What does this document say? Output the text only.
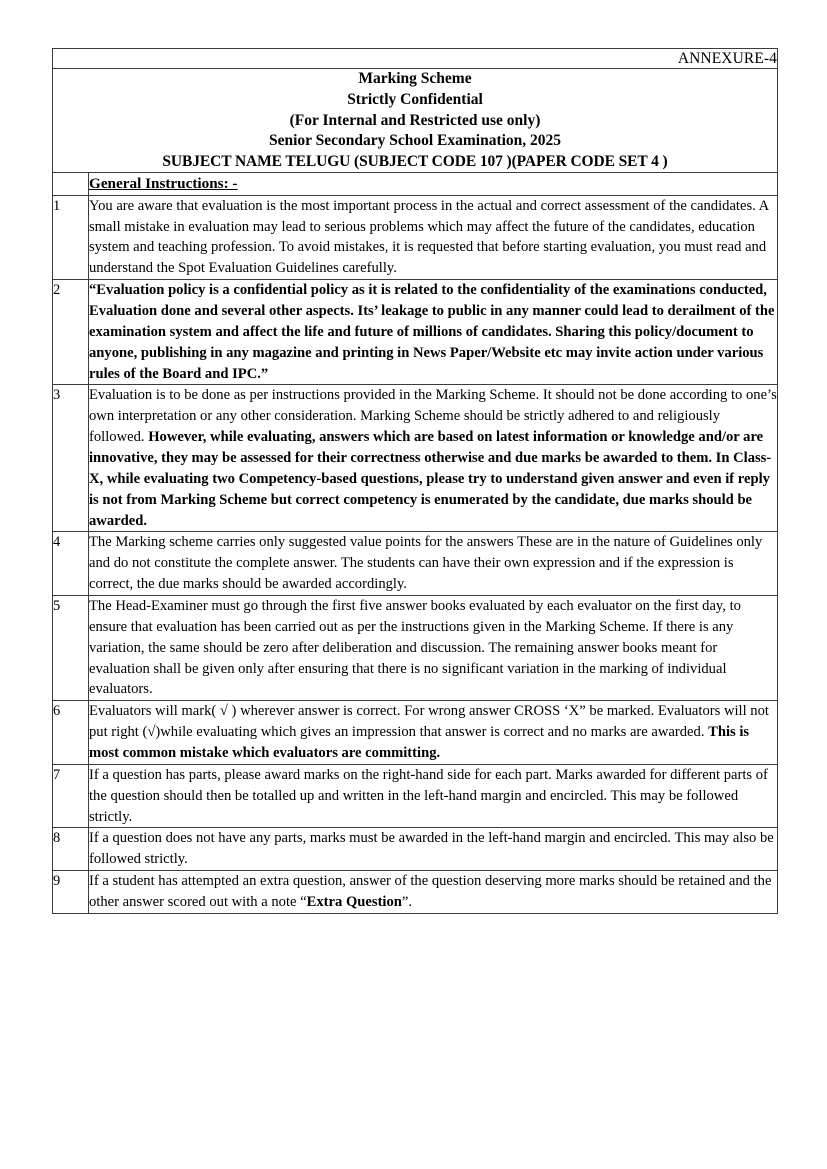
ANNEXURE-4	

Marking Scheme
Strictly Confidential
(For Internal and Restricted use only)
Senior Secondary School Examination, 2025
SUBJECT NAME TELUGU (SUBJECT CODE 107 )(PAPER CODE SET 4 )	

	General Instructions: -
1	You are aware that evaluation is the most important process in the actual and correct assessment of the candidates. A small mistake in evaluation may lead to serious problems which may affect the future of the candidates, education system and teaching profession. To avoid mistakes, it is requested that before starting evaluation, you must read and understand the Spot Evaluation Guidelines carefully.

2	“Evaluation policy is a confidential policy as it is related to the confidentiality of the examinations conducted, Evaluation done and several other aspects. Its’ leakage to public in any manner could lead to derailment of the examination system and affect the life and future of millions of candidates. Sharing this policy/document to anyone, publishing in any magazine and printing in News Paper/Website etc may invite action under various rules of the Board and IPC.”

3	Evaluation is to be done as per instructions provided in the Marking Scheme. It should not be done according to one’s own interpretation or any other consideration. Marking Scheme should be strictly adhered to and religiously followed. However, while evaluating, answers which are based on latest information or knowledge and/or are innovative, they may be assessed for their correctness otherwise and due marks be awarded to them. In Class-X, while evaluating two Competency-based questions, please try to understand given answer and even if reply is not from Marking Scheme but correct competency is enumerated by the candidate, due marks should be awarded.

4	The Marking scheme carries only suggested value points for the answers These are in the nature of Guidelines only and do not constitute the complete answer. The students can have their own expression and if the expression is correct, the due marks should be awarded accordingly.

5	The Head-Examiner must go through the first five answer books evaluated by each evaluator on the first day, to ensure that evaluation has been carried out as per the instructions given in the Marking Scheme. If there is any variation, the same should be zero after deliberation and discussion. The remaining answer books meant for evaluation shall be given only after ensuring that there is no significant variation in the marking of individual evaluators.

6	Evaluators will mark( √ ) wherever answer is correct. For wrong answer CROSS ‘X” be marked. Evaluators will not put right (√)while evaluating which gives an impression that answer is correct and no marks are awarded. This is most common mistake which evaluators are committing.

7	If a question has parts, please award marks on the right-hand side for each part. Marks awarded for different parts of the question should then be totalled up and written in the left-hand margin and encircled. This may be followed strictly.

8	If a question does not have any parts, marks must be awarded in the left-hand margin and encircled. This may also be followed strictly.

9	If a student has attempted an extra question, answer of the question deserving more marks should be retained and the other answer scored out with a note “Extra Question”.
